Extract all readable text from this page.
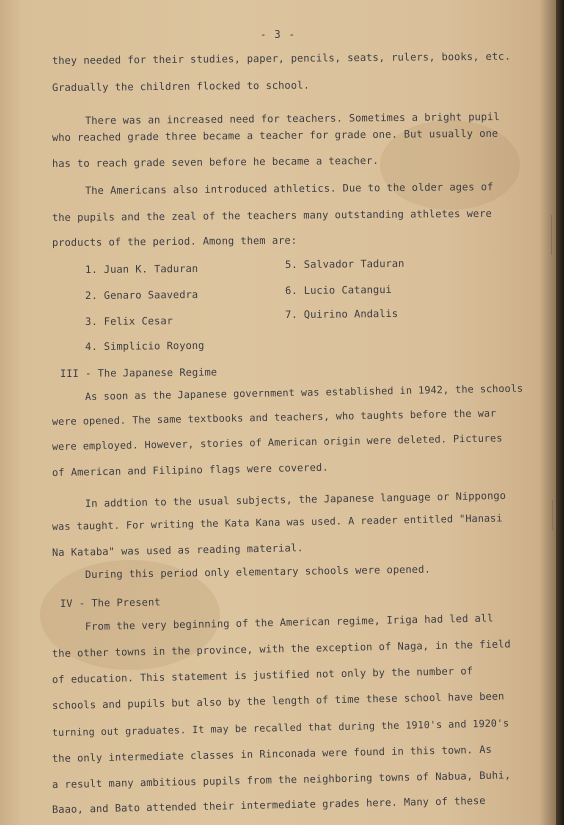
- 3 -
they needed for their studies, paper, pencils, seats, rulers, books, etc.
Gradually the children flocked to school.
There was an increased need for teachers. Sometimes a bright pupil
who reached grade three became a teacher for grade one. But usually one
has to reach grade seven before he became a teacher.
The Americans also introduced athletics. Due to the older ages of
the pupils and the zeal of the teachers many outstanding athletes were
products of the period. Among them are:
1. Juan K. Taduran	5. Salvador Taduran
2. Genaro Saavedra	6. Lucio Catangui
3. Felix Cesar
7. Quirino Andalis
4. Simplicio Royong
III - The Japanese Regime
As soon as the Japanese government was established in 1942, the schools
were opened. The same textbooks and teachers, who taughts before the war
were employed. However, stories of American origin were deleted. Pictures
of American and Filipino flags were covered.
In addtion to the usual subjects, the Japanese language or Nippongo
was taught. For writing the Kata Kana was used. A reader entitled "Hanasi
Na Kataba" was used as reading material.
During this period only elementary schools were opened.
IV - The Present
From the very beginning of the American regime, Iriga had led all
the other towns in the province, with the exception of Naga, in the field
of education. This statement is justified not only by the number of
schools and pupils but also by the length of time these school have been
turning out graduates. It may be recalled that during the 1910's and 1920's
the only intermediate classes in Rinconada were found in this town. As
a result many ambitious pupils from the neighboring towns of Nabua, Buhi,
Baao, and Bato attended their intermediate grades here. Many of these
